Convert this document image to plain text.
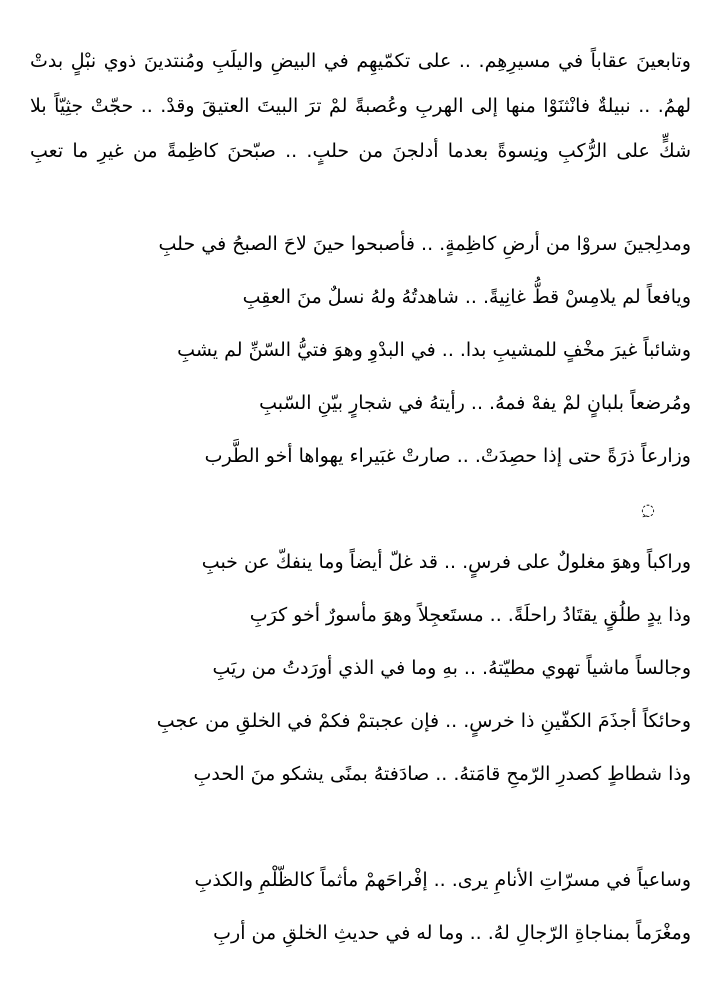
وتابعينَ عقاباً في مسيرِهِم. .. على تكمّيهِم في البيضِ واليلَبِ ومُنتدينَ ذوي نبْلٍ بدتْ
لهمُ. .. نبيلةٌ فانْثنَوْا منها إلى الهربِ وعُصبةً لمْ ترَ البيتَ العتيقَ وقدْ. .. حجّتْ جثِيّاً بلا
شكٍّ على الرُّكبِ ونِسوةً بعدما أدلجنَ من حلبٍ. .. صبّحنَ كاظِمةً من غيرِ ما تعبِ
ومدلِجينَ سروْا من أرضِ كاظِمةٍ. .. فأصبحوا حينَ لاحَ الصبحُ في حلبِ
ويافعاً لم يلامِسْ قطُّ غانِيةً. .. شاهدتُهُ ولهُ نسلٌ منَ العقِبِ
وشائباً غيرَ مخْفٍ للمشيبِ بدا. .. في البدْوِ وهوَ فتيُّ السّنِّ لم يشبِ
ومُرضعاً بلبانٍ لمْ يفهْ فمهُ. .. رأيتهُ في شجارٍ بيّنِ السّببِ
وزارعاً ذرَةً حتى إذا حصِدَتْ. .. صارتْ غبَيراء يهواها أخو الطَّرب
◌ِ
وراكباً وهوَ مغلولٌ على فرسٍ. .. قد غلّ أيضاً وما ينفكّ عن خببِ
وذا يدٍ طلُقٍ يقتَادُ راحلَةً. .. مستَعجِلاً وهوَ مأسورٌ أخو كرَبِ
وجالساً ماشياً تهوي مطيّتهُ. .. بهِ وما في الذي أورَدتُ من ريَبِ
وحائكاً أجذَمَ الكفّينِ ذا خرسٍ. .. فإن عجبتمْ فكمْ في الخلقِ من عجبِ
وذا شطاطٍ كصدرِ الرّمحِ قامَتهُ. .. صادَفتهُ بمنًى يشكو منَ الحدبِ
وساعياً في مسرّاتِ الأنامِ يرى. .. إفْراحَهمْ مأثماً كالظّلْمِ والكذبِ
ومغْرَماً بمناجاةِ الرّجالِ لهُ. .. وما له في حديثِ الخلقِ من أربِ
